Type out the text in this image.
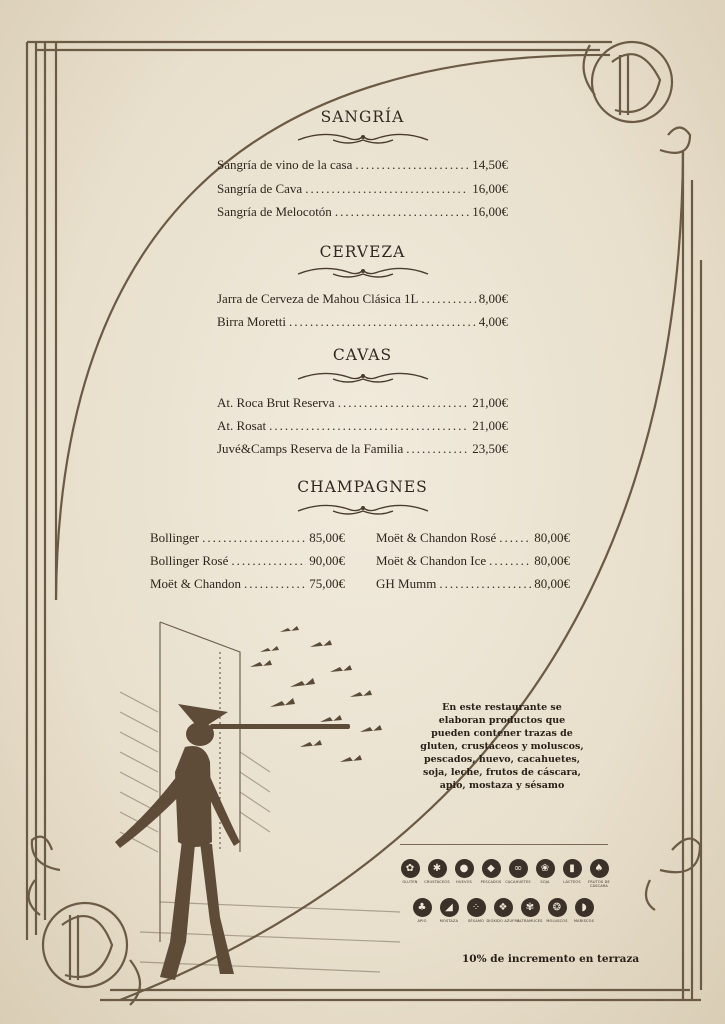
SANGRÍA
CERVEZA
CAVAS
CHAMPAGNES
Sangría de vino de la casa .....	14,50€
Sangría de Cava .....	16,00€
Sangría de Melocotón .....	16,00€
Jarra de Cerveza de Mahou Clásica 1L .....	8,00€
Birra Moretti .....	4,00€
At. Roca Brut Reserva .....	21,00€
At. Rosat .....	21,00€
Juvé&Camps Reserva de la Familia .....	23,50€
Bollinger .....	85,00€
Bollinger Rosé .....	90,00€
Moët & Chandon .....	75,00€
Moët & Chandon Rosé .....	80,00€
Moët & Chandon Ice .....	80,00€
GH Mumm .....	80,00€
En este restaurante se elaboran productos que pueden contener trazas de gluten, crustáceos y moluscos, pescados, huevo, cacahuetes, soja, leche, frutos de cáscara, apio, mostaza y sésamo
✿
GLUTEN
✱
CRUSTÁCEOS
●
HUEVOS
◆
PESCADOS
∞
CACAHUETES
❀
SOJA
▮
LÁCTEOS
♠
FRUTOS DE CÁSCARA
♣
APIO
◢
MOSTAZA
⁘
SÉSAMO
❖
DIÓXIDO AZUFRE
✾
ALTRAMUCES
❂
MOLUSCOS
◗
MARISCOS
10% de incremento en terraza
